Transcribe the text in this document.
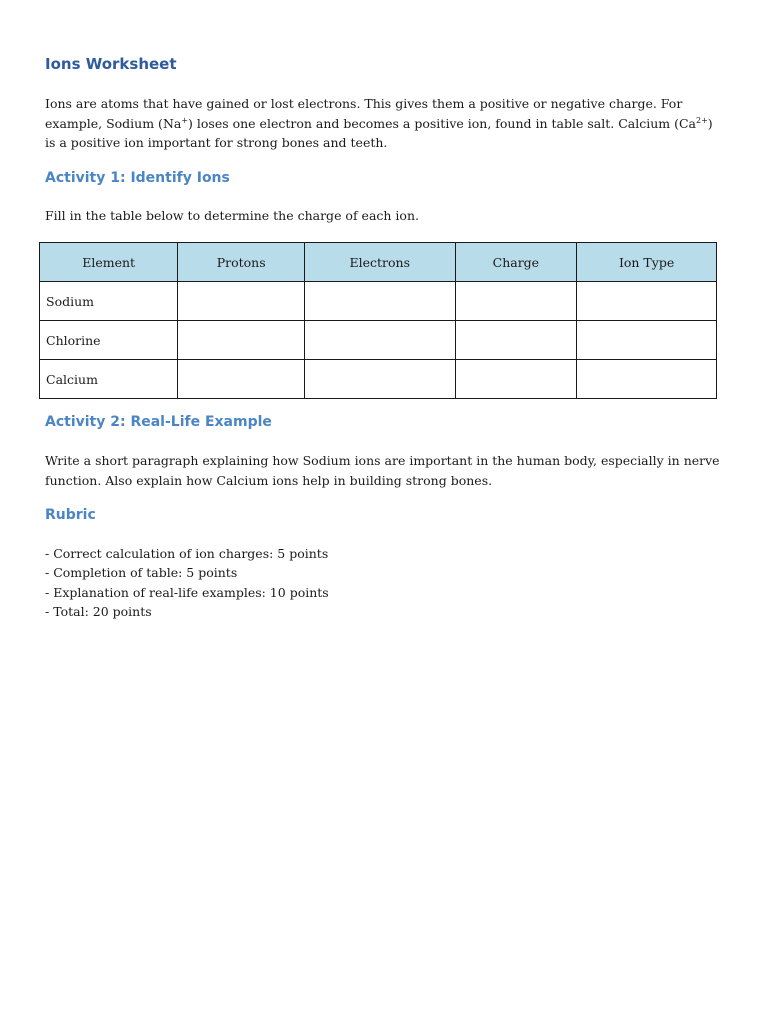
Ions Worksheet

Ions are atoms that have gained or lost electrons. This gives them a positive or negative charge. For example, Sodium (Na+) loses one electron and becomes a positive ion, found in table salt. Calcium $(Ca^{2+})$ is a positive ion important for strong bones and teeth.

Activity 1: Identify Ions

Fill in the table below to determine the charge of each ion.

Element	Protons	Electrons	Charge	Ion Type
Sodium				
Chlorine				
Calcium				
Activity 2: Real-Life Example

Write a short paragraph explaining how Sodium ions are important in the human body, especially in nerve function. Also explain how Calcium ions help in building strong bones.

Rubric
- Correct calculation of ion charges: 5 points
- Completion of table: 5 points
- Explanation of real-life examples: 10 points
- Total: 20 points
